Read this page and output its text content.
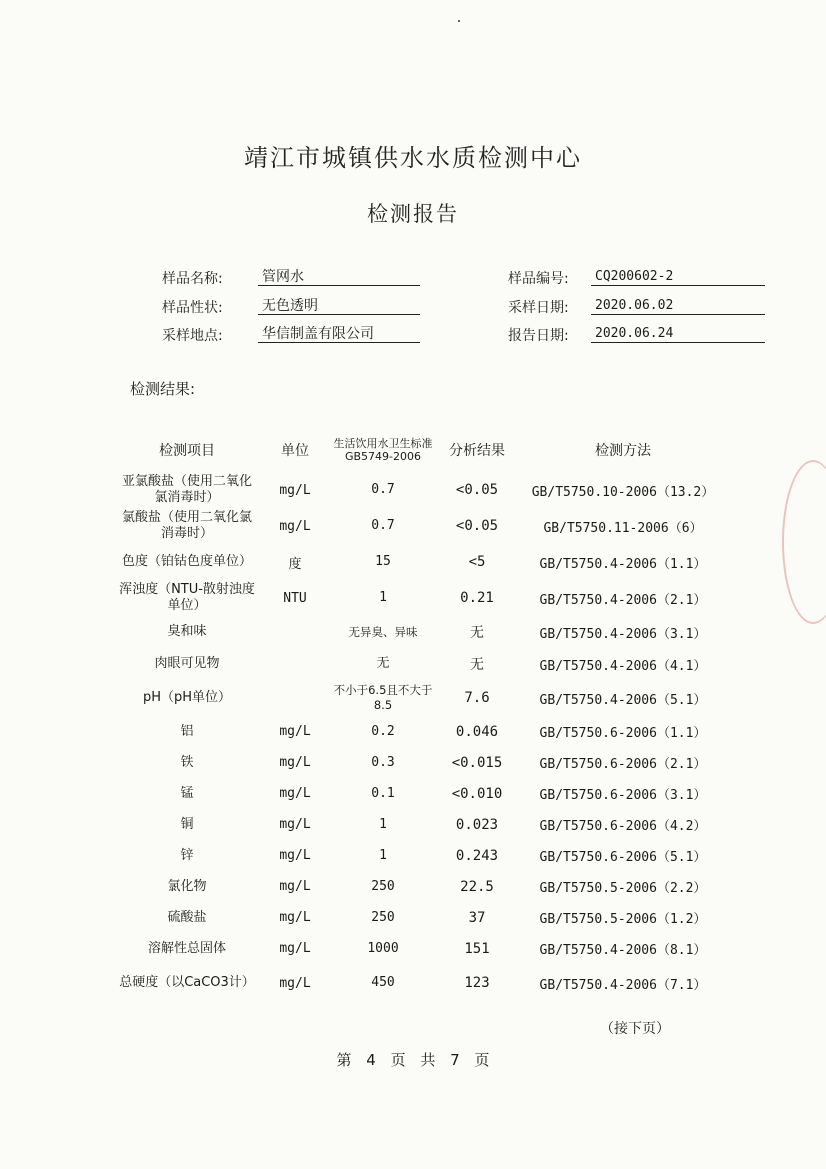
靖江市城镇供水水质检测中心
检测报告
样品名称:	管网水
样品性状:	无色透明
采样地点:	华信制盖有限公司
样品编号:	CQ200602-2
采样日期:	2020.06.02
报告日期:	2020.06.24
检测结果:
检测项目	单位	生活饮用水卫生标准GB5749-2006	分析结果	检测方法
亚氯酸盐（使用二氧化氯消毒时）	mg/L	0.7	<0.05	GB/T5750.10-2006（13.2）
氯酸盐（使用二氧化氯消毒时）	mg/L	0.7	<0.05	GB/T5750.11-2006（6）
色度（铂钴色度单位）	度	15	<5	GB/T5750.4-2006（1.1）
浑浊度（NTU-散射浊度单位）	NTU	1	0.21	GB/T5750.4-2006（2.1）
臭和味		无异臭、异味	无	GB/T5750.4-2006（3.1）
肉眼可见物		无	无	GB/T5750.4-2006（4.1）
pH（pH单位）		不小于6.5且不大于8.5	7.6	GB/T5750.4-2006（5.1）
铝	mg/L	0.2	0.046	GB/T5750.6-2006（1.1）
铁	mg/L	0.3	<0.015	GB/T5750.6-2006（2.1）
锰	mg/L	0.1	<0.010	GB/T5750.6-2006（3.1）
铜	mg/L	1	0.023	GB/T5750.6-2006（4.2）
锌	mg/L	1	0.243	GB/T5750.6-2006（5.1）
氯化物	mg/L	250	22.5	GB/T5750.5-2006（2.2）
硫酸盐	mg/L	250	37	GB/T5750.5-2006（1.2）
溶解性总固体	mg/L	1000	151	GB/T5750.4-2006（8.1）
总硬度（以CaCO3计）	mg/L	450	123	GB/T5750.4-2006（7.1）
（接下页）
第 4 页 共 7 页
